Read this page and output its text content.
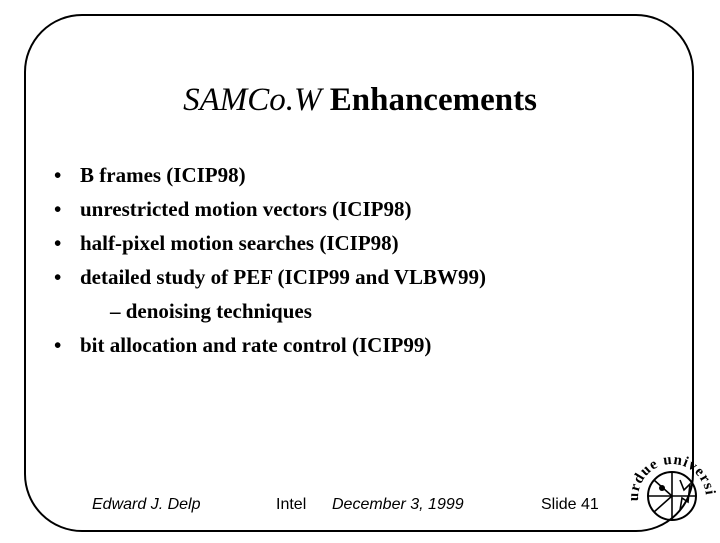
SAMCo.W Enhancements
• B frames (ICIP98)
• unrestricted motion vectors (ICIP98)
• half-pixel motion searches (ICIP98)
• detailed study of PEF (ICIP99 and VLBW99)
– denoising techniques
• bit allocation and rate control (ICIP99)
Edward J. Delp	Intel December 3, 1999	Slide 41	urdue universi
